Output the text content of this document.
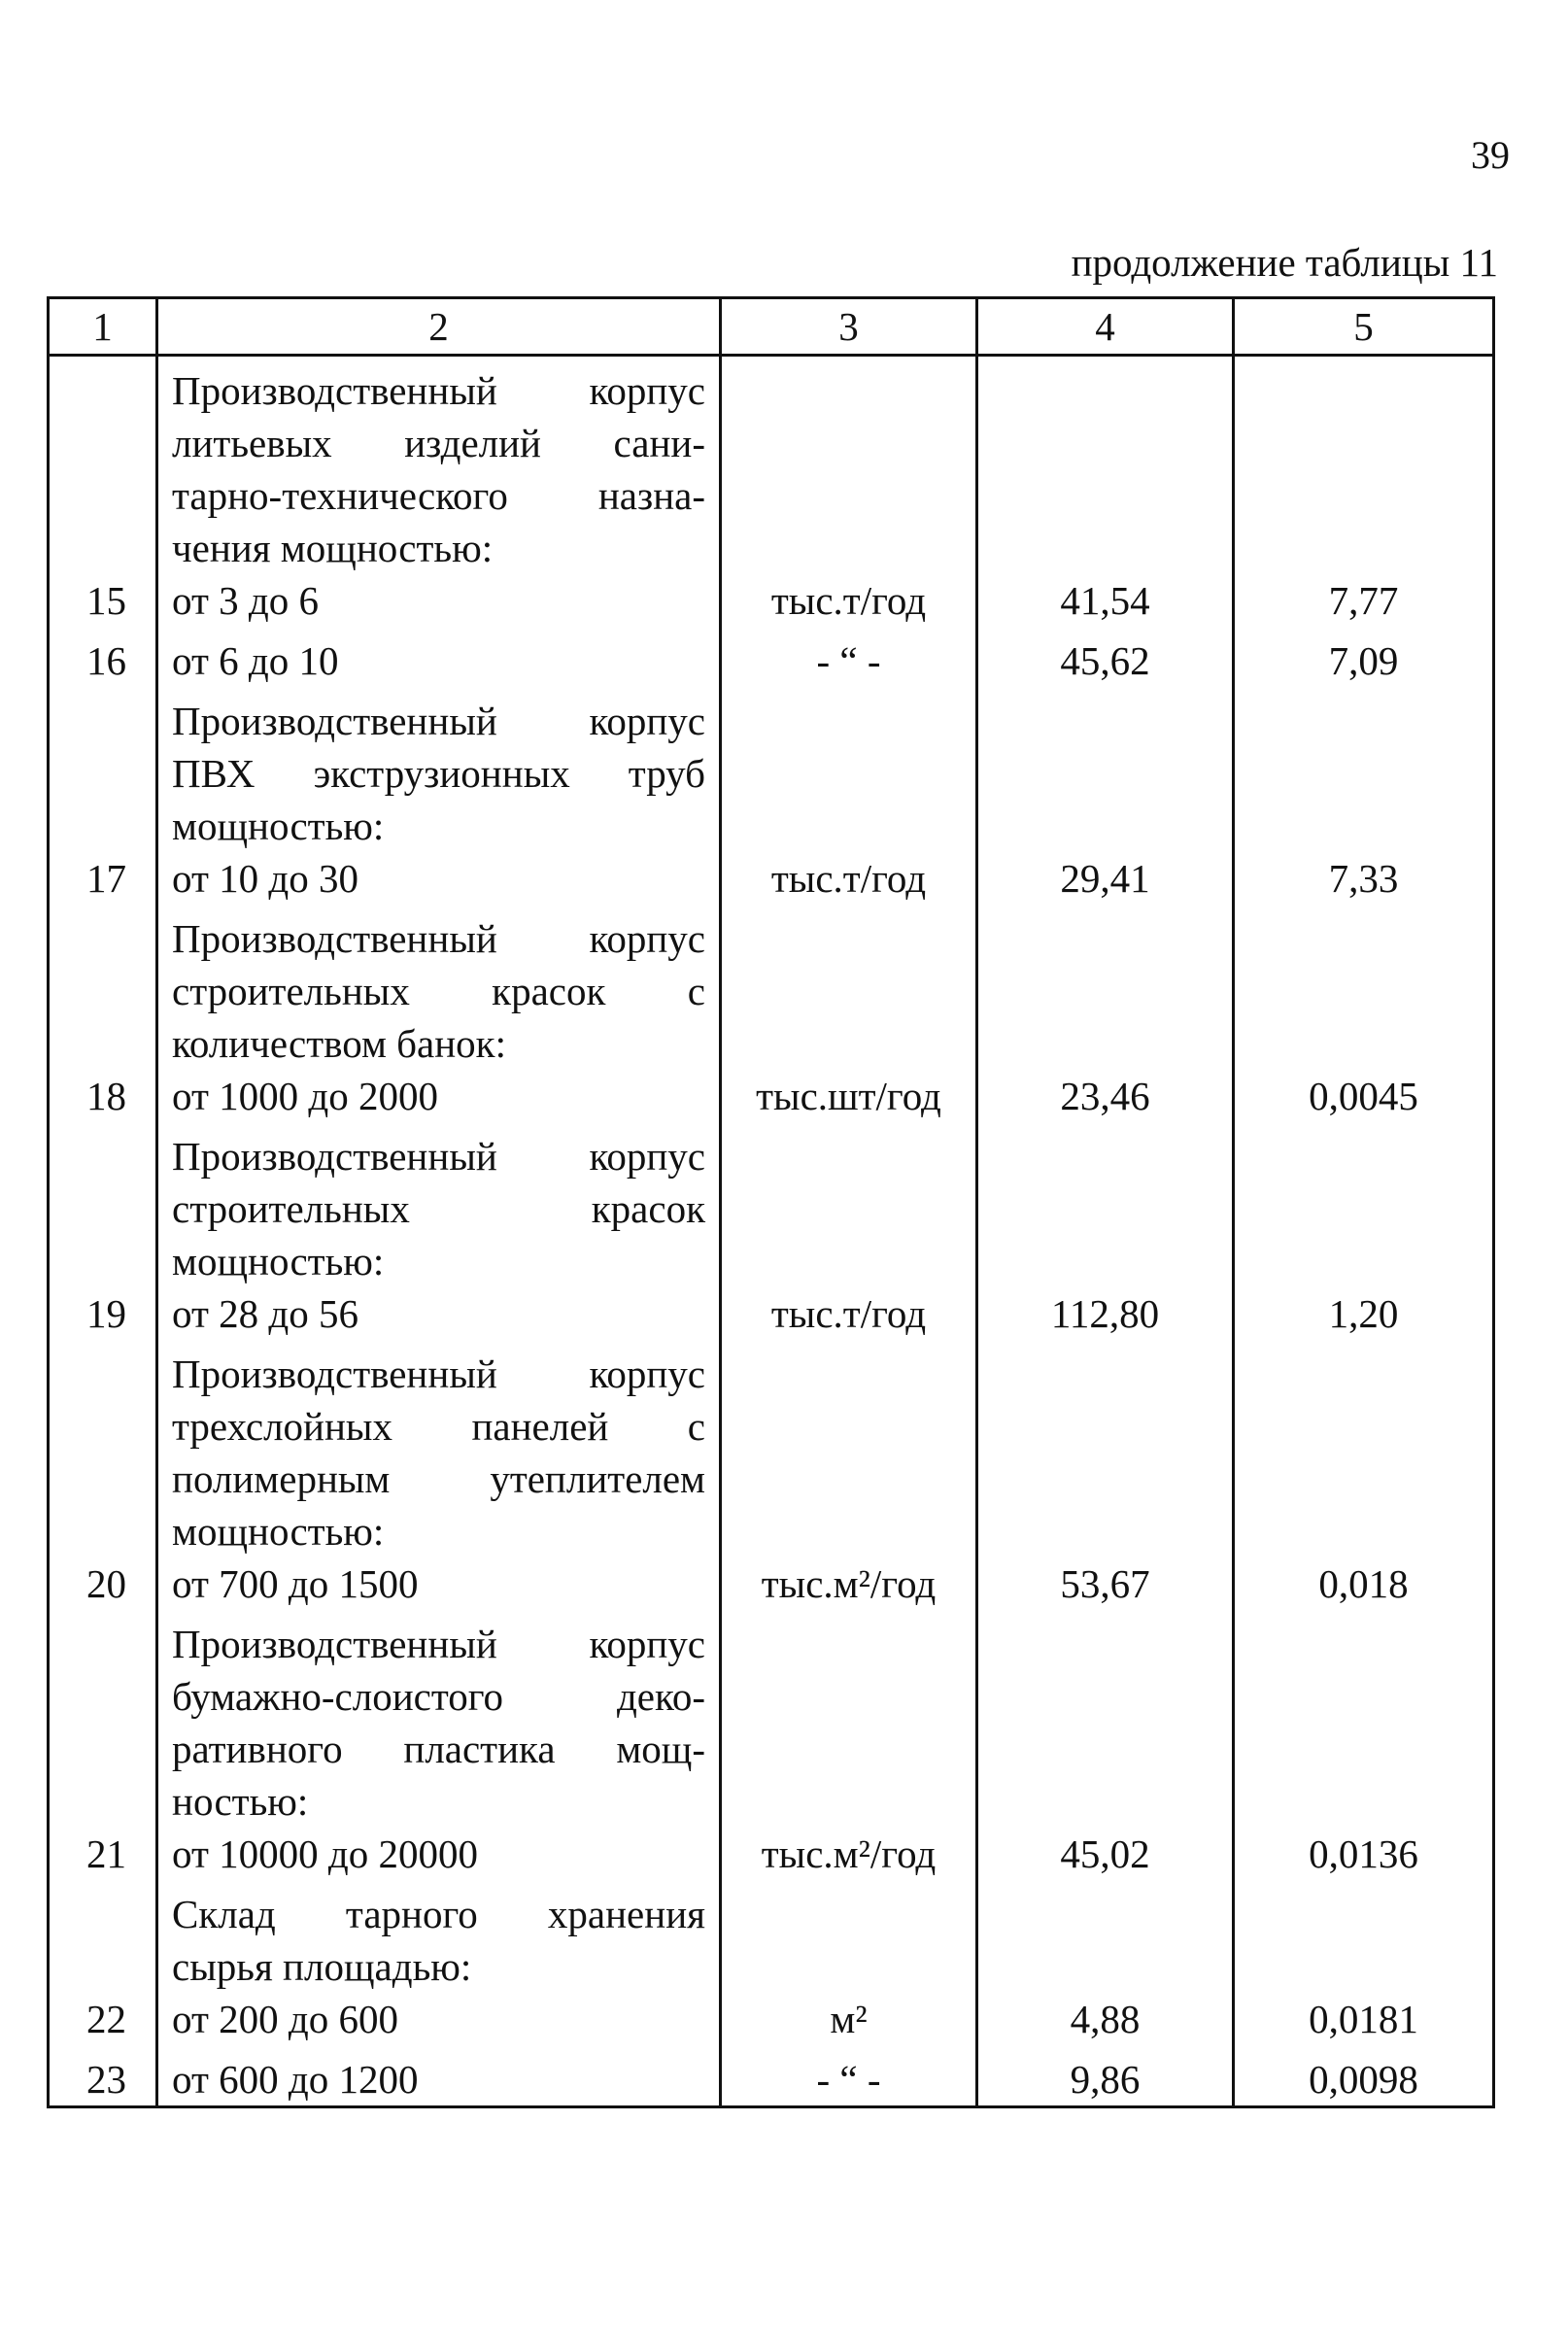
39
продолжение таблицы 11
1	2	3	4	5
15	Производственный корпус
литьевых изделий сани-
тарно-технического назна-
чения мощностью:
от 3 до 6	тыс.т/год	41,54	7,77
16	от 6 до 10	- “ -	45,62	7,09
17	Производственный корпус
ПВХ экструзионных труб
мощностью:
от 10 до 30	тыс.т/год	29,41	7,33
18	Производственный корпус
строительных красок с
количеством банок:
от 1000 до 2000	тыс.шт/год	23,46	0,0045
19	Производственный корпус
строительных красок
мощностью:
от 28 до 56	тыс.т/год	112,80	1,20
20	Производственный корпус
трехслойных панелей с
полимерным утеплителем
мощностью:
от 700 до 1500	тыс.м²/год	53,67	0,018
21	Производственный корпус
бумажно-слоистого деко-
ративного пластика мощ-
ностью:
от 10000 до 20000	тыс.м²/год	45,02	0,0136
22	Склад тарного хранения
сырья площадью:
от 200 до 600	м²	4,88	0,0181
23	от 600 до 1200	- “ -	9,86	0,0098
